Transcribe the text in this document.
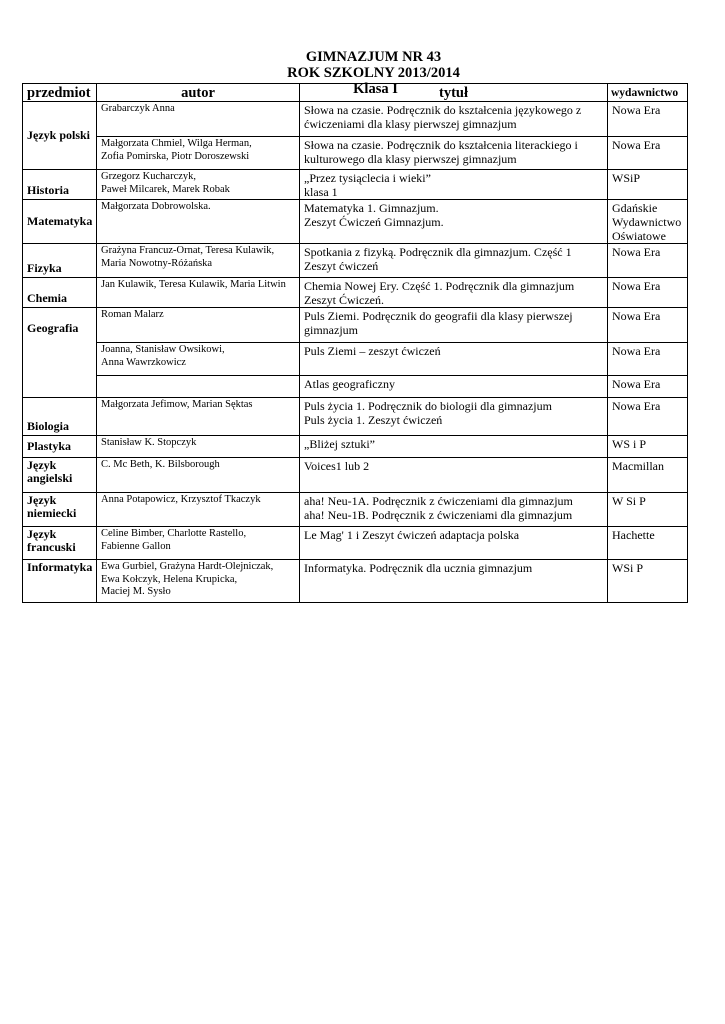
GIMNAZJUM NR 43
ROK SZKOLNY 2013/2014
Klasa I
przedmiot	autor	tytuł	wydawnictwo
Język polski	Grabarczyk Anna	Słowa na czasie. Podręcznik do kształcenia językowego z
ćwiczeniami dla klasy pierwszej gimnazjum	Nowa Era

	Małgorzata Chmiel, Wilga Herman,
Zofia Pomirska, Piotr Doroszewski	Słowa na czasie. Podręcznik do kształcenia literackiego i
kulturowego dla klasy pierwszej gimnazjum	Nowa Era
Historia	Grzegorz Kucharczyk,
Paweł Milcarek, Marek Robak	„Przez tysiąclecia i wieki”
klasa 1	WSiP
Matematyka	Małgorzata Dobrowolska.	Matematyka 1. Gimnazjum.
Zeszyt Ćwiczeń Gimnazjum.	Gdańskie
Wydawnictwo
Oświatowe

Fizyka	Grażyna Francuz-Ornat, Teresa Kulawik,
Maria Nowotny-Różańska	Spotkania z fizyką. Podręcznik dla gimnazjum. Część 1
Zeszyt ćwiczeń	Nowa Era
Chemia	Jan Kulawik, Teresa Kulawik, Maria Litwin	Chemia Nowej Ery. Część 1. Podręcznik dla gimnazjum
Zeszyt Ćwiczeń.	Nowa Era
Geografia	Roman Malarz	Puls Ziemi. Podręcznik do geografii dla klasy pierwszej
gimnazjum	Nowa Era

	Joanna, Stanisław Owsikowi,
Anna Wawrzkowicz	Puls Ziemi – zeszyt ćwiczeń	Nowa Era
		Atlas geograficzny	Nowa Era
Biologia	Małgorzata Jefimow, Marian Sęktas	Puls życia 1. Podręcznik do biologii dla gimnazjum
Puls życia 1. Zeszyt ćwiczeń	Nowa Era
Plastyka	Stanisław K. Stopczyk	„Bliżej sztuki”	WS i P

Język
angielski	C. Mc Beth, K. Bilsborough	Voices1 lub 2	Macmillan

Język
niemiecki	Anna Potapowicz, Krzysztof Tkaczyk	aha! Neu-1A. Podręcznik z ćwiczeniami dla gimnazjum
aha! Neu-1B. Podręcznik z ćwiczeniami dla gimnazjum	W Si P

Język
francuski	Celine Bimber, Charlotte Rastello,
Fabienne Gallon	Le Mag' 1 i Zeszyt ćwiczeń adaptacja polska	Hachette
Informatyka	Ewa Gurbiel, Grażyna Hardt-Olejniczak,
Ewa Kołczyk, Helena Krupicka,
Maciej M. Sysło	Informatyka. Podręcznik dla ucznia gimnazjum	WSi P
